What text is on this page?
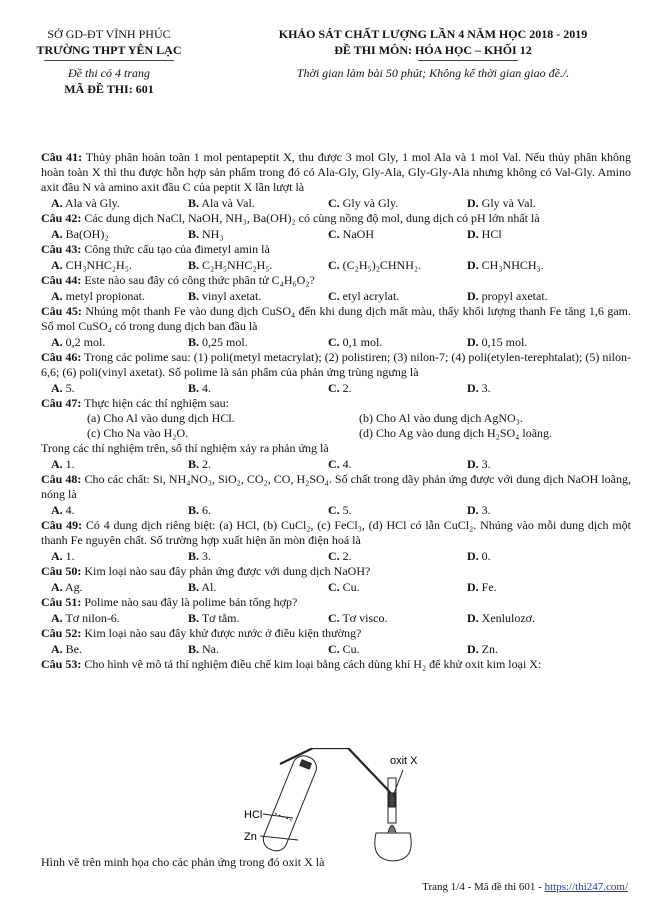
SỞ GD-ĐT VĨNH PHÚC
TRƯỜNG THPT YÊN LẠC
Đề thi có 4 trang
MÃ ĐỀ THI: 601
KHẢO SÁT CHẤT LƯỢNG LẦN 4 NĂM HỌC 2018 - 2019
ĐỀ THI MÔN: HÓA HỌC – KHỐI 12
Thời gian làm bài 50 phút; Không kể thời gian giao đề./.
Câu 41: Thủy phân hoàn toàn 1 mol pentapeptit X, thu được 3 mol Gly, 1 mol Ala và 1 mol Val. Nếu thủy phân không hoàn toàn X thì thu được hỗn hợp sản phẩm trong đó có Ala-Gly, Gly-Ala, Gly-Gly-Ala nhưng không có Val-Gly. Amino axit đầu N và amino axit đầu C của peptit X lần lượt là
A. Ala và Gly.	B. Ala và Val.	C. Gly và Gly.	D. Gly và Val.
Câu 42: Các dung dịch NaCl, NaOH, NH₃, Ba(OH)₂ có cùng nồng độ mol, dung dịch có pH lớn nhất là
A. Ba(OH)₂	B. NH₃	C. NaOH	D. HCl
Câu 43: Công thức cấu tạo của đimetyl amin là
A. CH₃NHC₂H₅.	B. C₂H₅NHC₂H₅.	C. (C₂H₅)₂CHNH₂.	D. CH₃NHCH₃.
Câu 44: Este nào sau đây có công thức phân tử C₄H₆O₂?
A. metyl propionat.	B. vinyl axetat.	C. etyl acrylat.	D. propyl axetat.
Câu 45: Nhúng một thanh Fe vào dung dịch CuSO₄ đến khi dung dịch mất màu, thấy khối lượng thanh Fe tăng 1,6 gam. Số mol CuSO₄ có trong dung dịch ban đầu là
A. 0,2 mol.	B. 0,25 mol.	C. 0,1 mol.	D. 0,15 mol.
Câu 46: Trong các polime sau: (1) poli(metyl metacrylat); (2) polistiren; (3) nilon-7; (4) poli(etylen-terephtalat); (5) nilon-6,6; (6) poli(vinyl axetat). Số polime là sản phẩm của phản ứng trùng ngưng là
A. 5.	B. 4.	C. 2.	D. 3.
Câu 47: Thực hiện các thí nghiệm sau:
(a) Cho Al vào dung dịch HCl.	(b) Cho Al vào dung dịch AgNO₃.
(c) Cho Na vào H₂O.	(d) Cho Ag vào dung dịch H₂SO₄ loãng.
Trong các thí nghiệm trên, số thí nghiệm xảy ra phản ứng là
A. 1.	B. 2.	C. 4.	D. 3.
Câu 48: Cho các chất: Si, NH₄NO₃, SiO₂, CO₂, CO, H₂SO₄. Số chất trong dãy phản ứng được với dung dịch NaOH loãng, nóng là
A. 4.	B. 6.	C. 5.	D. 3.
Câu 49: Có 4 dung dịch riêng biệt: (a) HCl, (b) CuCl₂, (c) FeCl₃, (d) HCl có lẫn CuCl₂. Nhúng vào mỗi dung dịch một thanh Fe nguyên chất. Số trường hợp xuất hiện ăn mòn điện hoá là
A. 1.	B. 3.	C. 2.	D. 0.
Câu 50: Kim loại nào sau đây phản ứng được với dung dịch NaOH?
A. Ag.	B. Al.	C. Cu.	D. Fe.
Câu 51: Polime nào sau đây là polime bán tổng hợp?
A. Tơ nilon-6.	B. Tơ tằm.	C. Tơ visco.	D. Xenlulozơ.
Câu 52: Kim loại nào sau đây khử được nước ở điều kiện thường?
A. Be.	B. Na.	C. Cu.	D. Zn.
Câu 53: Cho hình vẽ mô tả thí nghiệm điều chế kim loại bằng cách dùng khí H₂ để khử oxit kim loại X:
oxit X
HCl
Zn
Hình vẽ trên minh họa cho các phản ứng trong đó oxit X là
Trang 1/4 - Mã đề thi 601 - https://thi247.com/
